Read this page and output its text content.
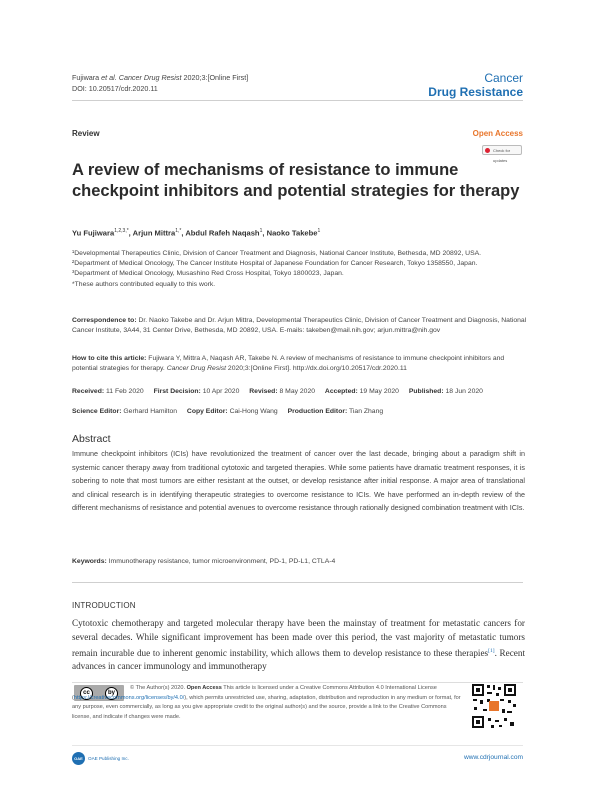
Fujiwara et al. Cancer Drug Resist 2020;3:[Online First]
DOI: 10.20517/cdr.2020.11
Cancer
Drug Resistance
Review	Open Access
Check for updates
A review of mechanisms of resistance to immune checkpoint inhibitors and potential strategies for therapy
Yu Fujiwara$^{1,2,3,*}$, Arjun Mittra$^{1,*}$, Abdul Rafeh Naqash$^1$, Naoko Takebe$^1$

¹Developmental Therapeutics Clinic, Division of Cancer Treatment and Diagnosis, National Cancer Institute, Bethesda, MD 20892, USA.

²Department of Medical Oncology, The Cancer Institute Hospital of Japanese Foundation for Cancer Research, Tokyo 1358550, Japan.

³Department of Medical Oncology, Musashino Red Cross Hospital, Tokyo 1800023, Japan.

*These authors contributed equally to this work.

Correspondence to: Dr. Naoko Takebe and Dr. Arjun Mittra, Developmental Therapeutics Clinic, Division of Cancer Treatment and Diagnosis, National Cancer Institute, 3A44, 31 Center Drive, Bethesda, MD 20892, USA. E-mails: takeben@mail.nih.gov; arjun.mittra@nih.gov
How to cite this article: Fujiwara Y, Mittra A, Naqash AR, Takebe N. A review of mechanisms of resistance to immune checkpoint inhibitors and potential strategies for therapy. Cancer Drug Resist 2020;3:[Online First]. http://dx.doi.org/10.20517/cdr.2020.11
Received: 11 Feb 2020 First Decision: 10 Apr 2020 Revised: 8 May 2020 Accepted: 19 May 2020 Published: 18 Jun 2020
Science Editor: Gerhard Hamilton Copy Editor: Cai-Hong Wang Production Editor: Tian Zhang
Abstract
Immune checkpoint inhibitors (ICIs) have revolutionized the treatment of cancer over the last decade, bringing about a paradigm shift in systemic cancer therapy away from traditional cytotoxic and targeted therapies. While some patients have dramatic treatment responses, it is sobering to note that most tumors are either resistant at the outset, or develop resistance after initial response. A major area of translational and clinical research is in identifying therapeutic strategies to overcome resistance to ICIs. We have performed an in-depth review of the different mechanisms of resistance and potential avenues to overcome resistance through rationally designed combination treatment with ICIs.
Keywords: Immunotherapy resistance, tumor microenvironment, PD-1, PD-L1, CTLA-4
INTRODUCTION
Cytotoxic chemotherapy and targeted molecular therapy have been the mainstay of treatment for metastatic cancers for several decades. While significant improvement has been made over this period, the vast majority of metastatic tumors remain incurable due to inherent genomic instability, which allows them to develop resistance to these therapies[1]. Recent advances in cancer immunology and immunotherapy
cc	by
© The Author(s) 2020. Open Access This article is licensed under a Creative Commons Attribution 4.0 International License (https://creativecommons.org/licenses/by/4.0/), which permits unrestricted use, sharing, adaptation, distribution and reproduction in any medium or format, for any purpose, even commercially, as long as you give appropriate credit to the original author(s) and the source, provide a link to the Creative Commons license, and indicate if changes were made.
OAE	OAE Publishing Inc.	www.cdrjournal.com
